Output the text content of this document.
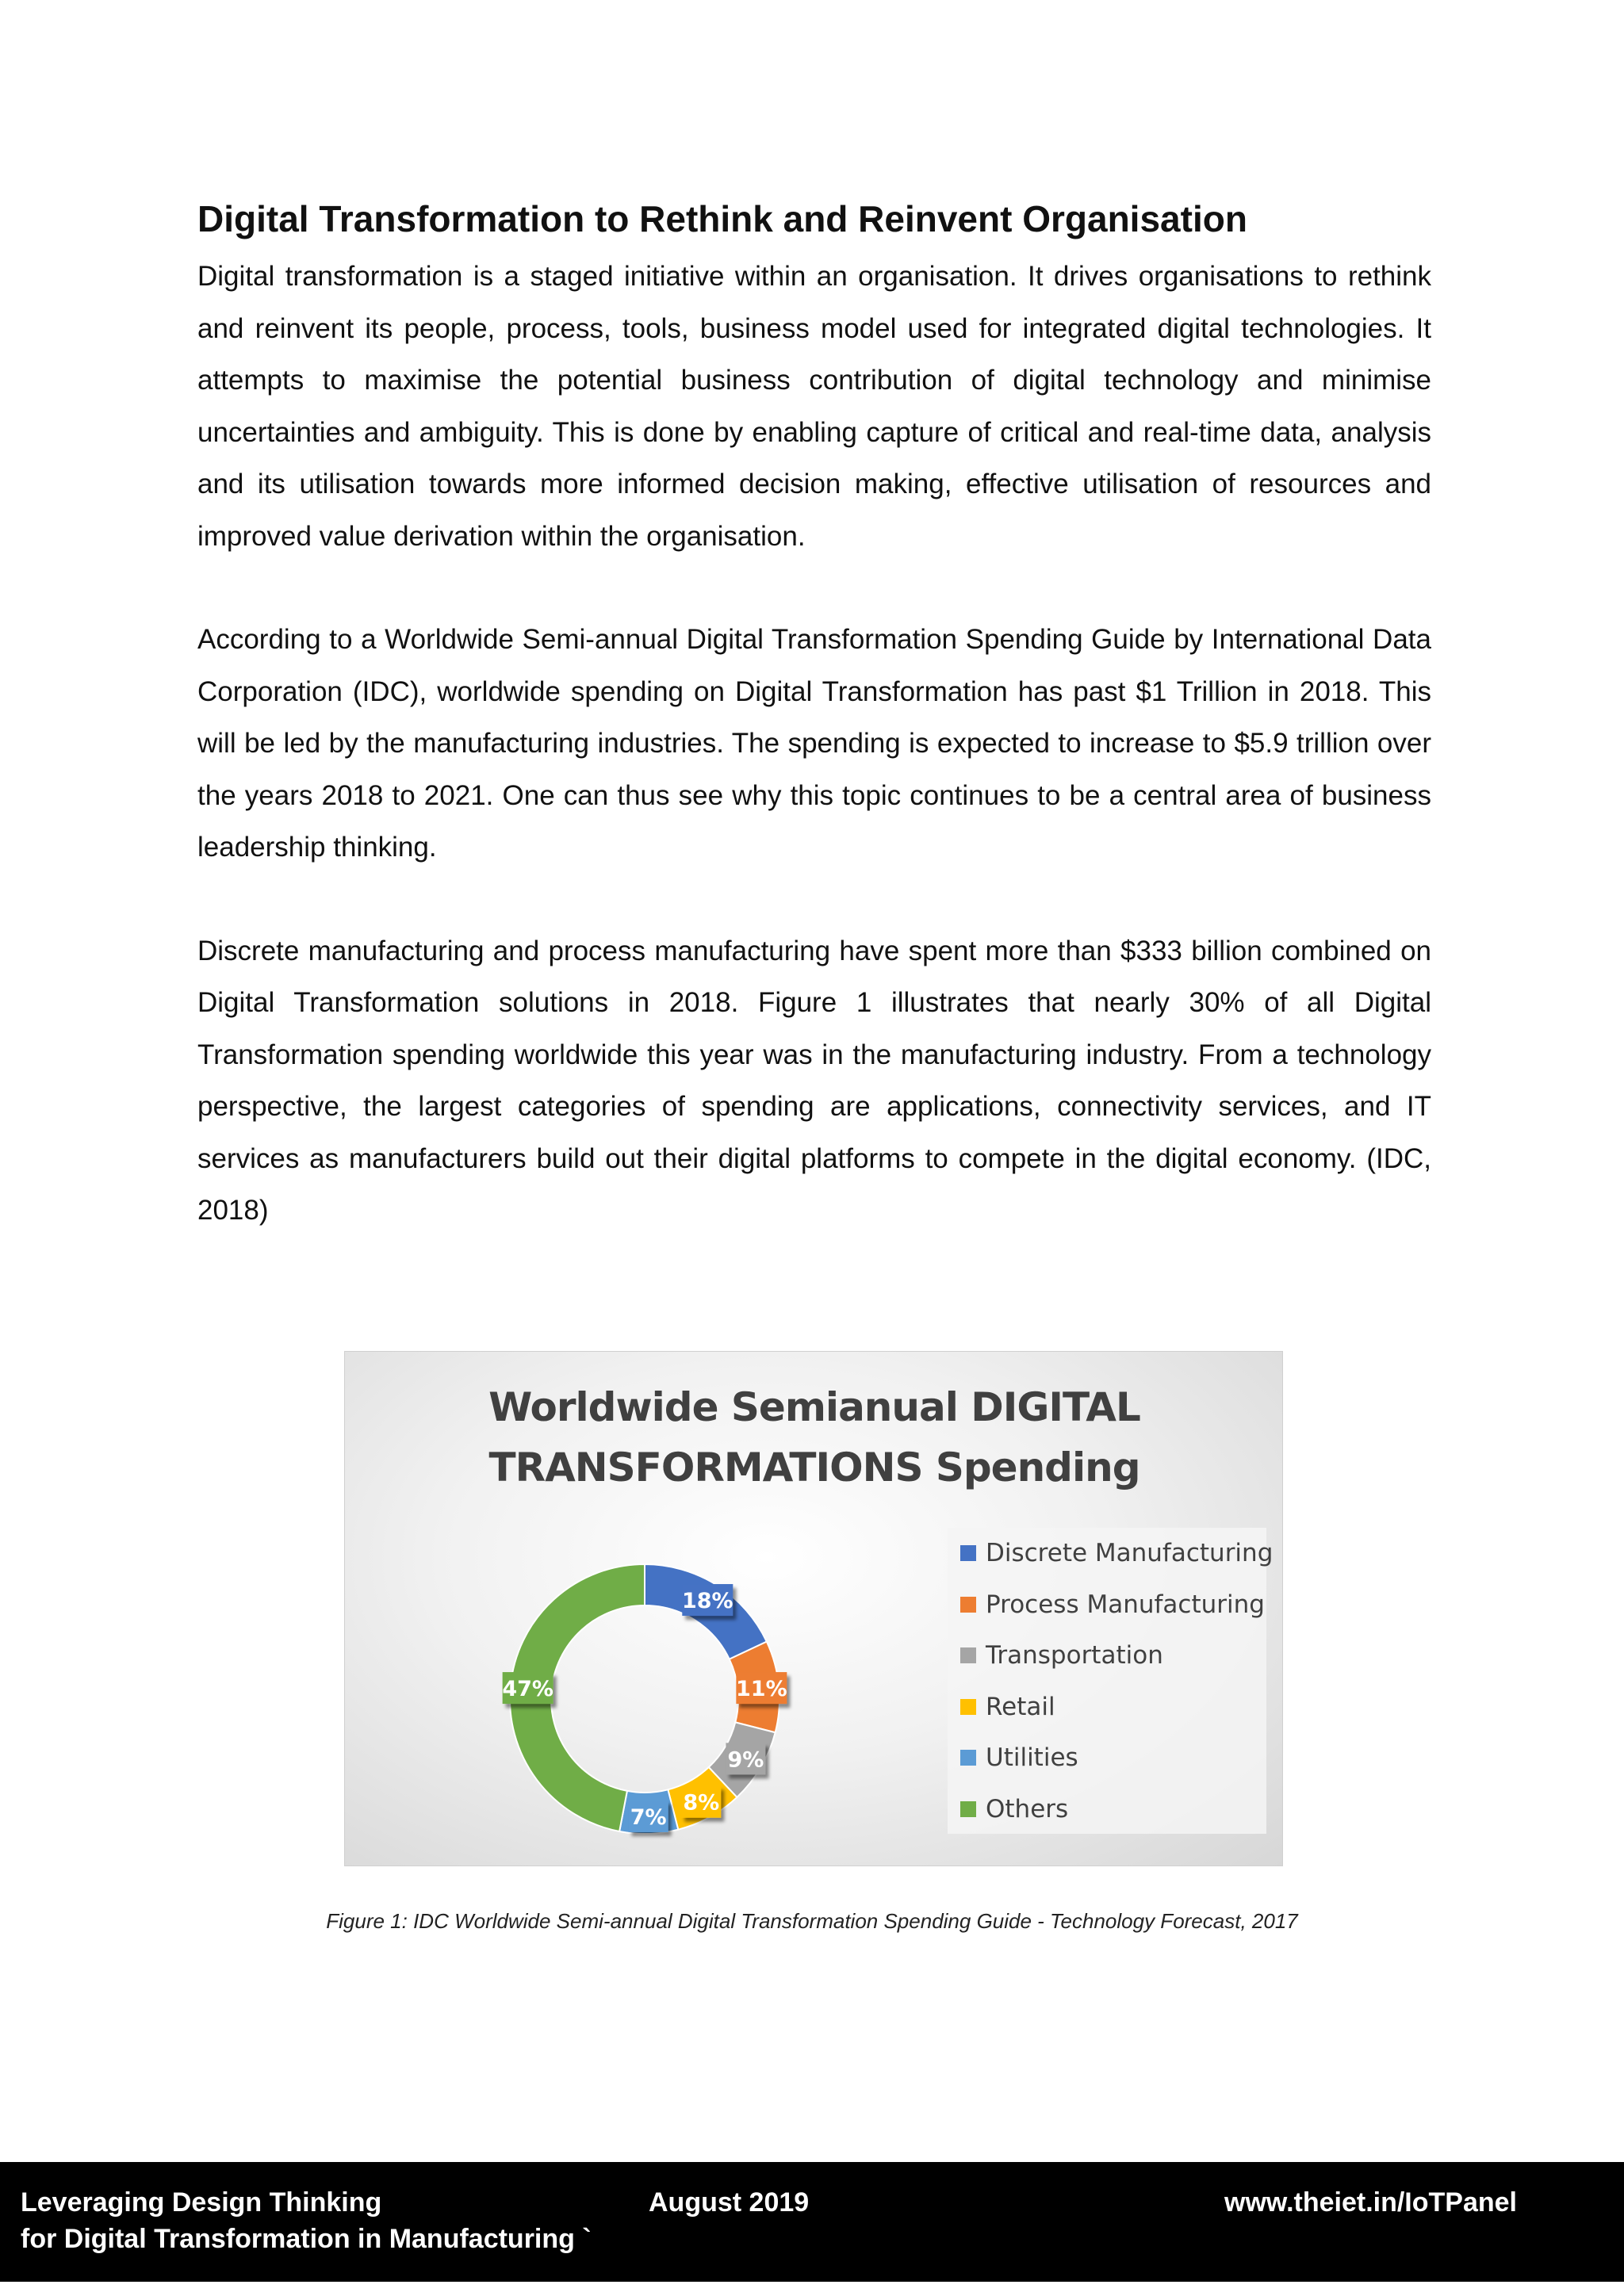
Digital Transformation to Rethink and Reinvent Organisation

Digital transformation is a staged initiative within an organisation. It drives organisations to rethink and reinvent its people, process, tools, business model used for integrated digital technologies. It attempts to maximise the potential business contribution of digital technology and minimise uncertainties and ambiguity. This is done by enabling capture of critical and real-time data, analysis and its utilisation towards more informed decision making, effective utilisation of resources and improved value derivation within the organisation.

According to a Worldwide Semi-annual Digital Transformation Spending Guide by International Data Corporation (IDC), worldwide spending on Digital Transformation has past $1 Trillion in 2018. This will be led by the manufacturing industries. The spending is expected to increase to $5.9 trillion over the years 2018 to 2021. One can thus see why this topic continues to be a central area of business leadership thinking.

Discrete manufacturing and process manufacturing have spent more than $333 billion combined on Digital Transformation solutions in 2018. Figure 1 illustrates that nearly 30% of all Digital Transformation spending worldwide this year was in the manufacturing industry. From a technology perspective, the largest categories of spending are applications, connectivity services, and IT services as manufacturers build out their digital platforms to compete in the digital economy. (IDC, 2018)

Worldwide Semianual DIGITAL
TRANSFORMATIONS Spending
18%
11%
9%
8%
7%
47%
Discrete Manufacturing
Process Manufacturing
Transportation
Retail
Utilities
Others
Figure 1: IDC Worldwide Semi-annual Digital Transformation Spending Guide - Technology Forecast, 2017
Leveraging Design Thinking
for Digital Transformation in Manufacturing `
August 2019	www.theiet.in/IoTPanel
